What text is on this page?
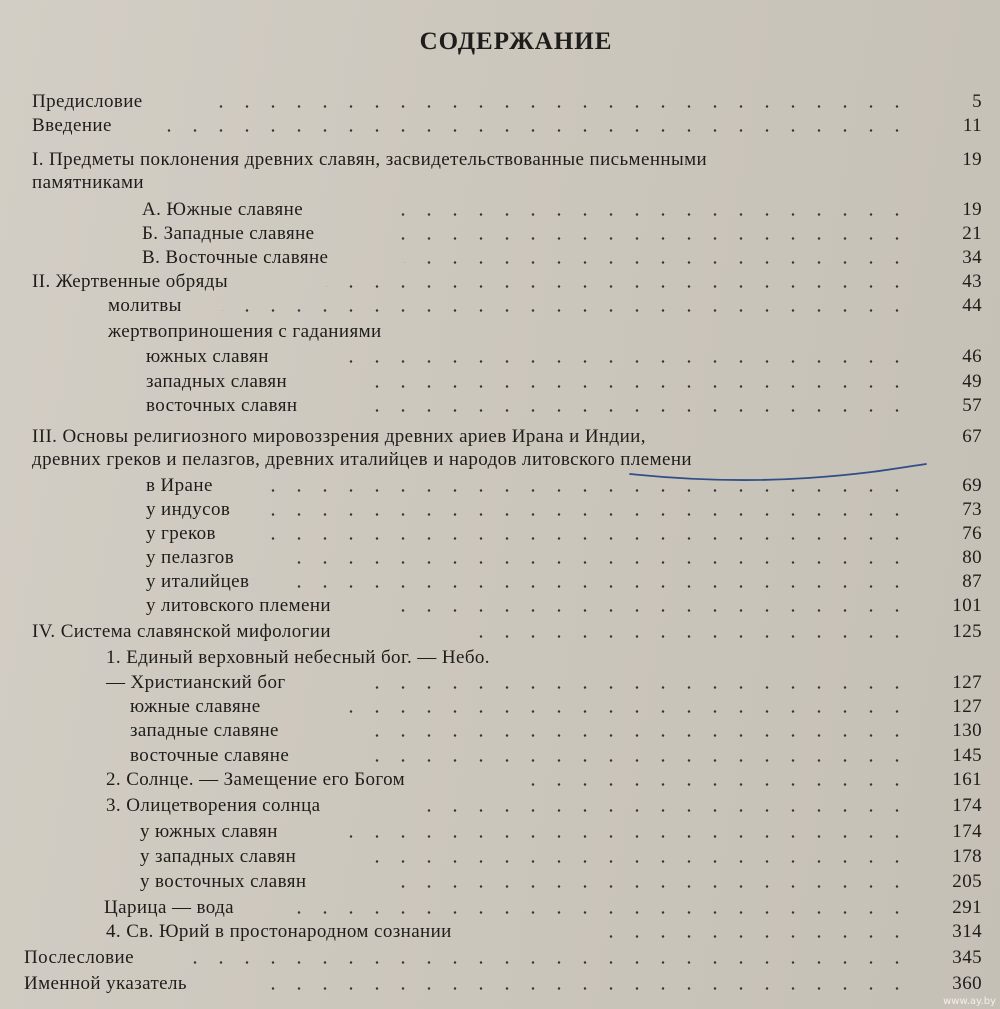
СОДЕРЖАНИЕ
Предисловие	5
Введение	11
I. Предметы поклонения древних славян, засвидетельствованные письменными	19
памятниками
А. Южные славяне	19
Б. Западные славяне	21
В. Восточные славяне	34
II. Жертвенные обряды	43
молитвы	44
жертвоприношения с гаданиями
южных славян	46
западных славян	49
восточных славян	57
III. Основы религиозного мировоззрения древних ариев Ирана и Индии,	67
древних греков и пелазгов, древних италийцев и народов литовского племени
в Иране	69
у индусов	73
у греков	76
у пелазгов	80
у италийцев	87
у литовского племени	101
IV. Система славянской мифологии	125
1. Единый верховный небесный бог. — Небо.
— Христианский бог	127
южные славяне	127
западные славяне	130
восточные славяне	145
2. Солнце. — Замещение его Богом	161
3. Олицетворения солнца	174
у южных славян	174
у западных славян	178
у восточных славян	205
Царица — вода	291
4. Св. Юрий в простонародном сознании	314
Послесловие	345
Именной указатель	360
www.ay.by
